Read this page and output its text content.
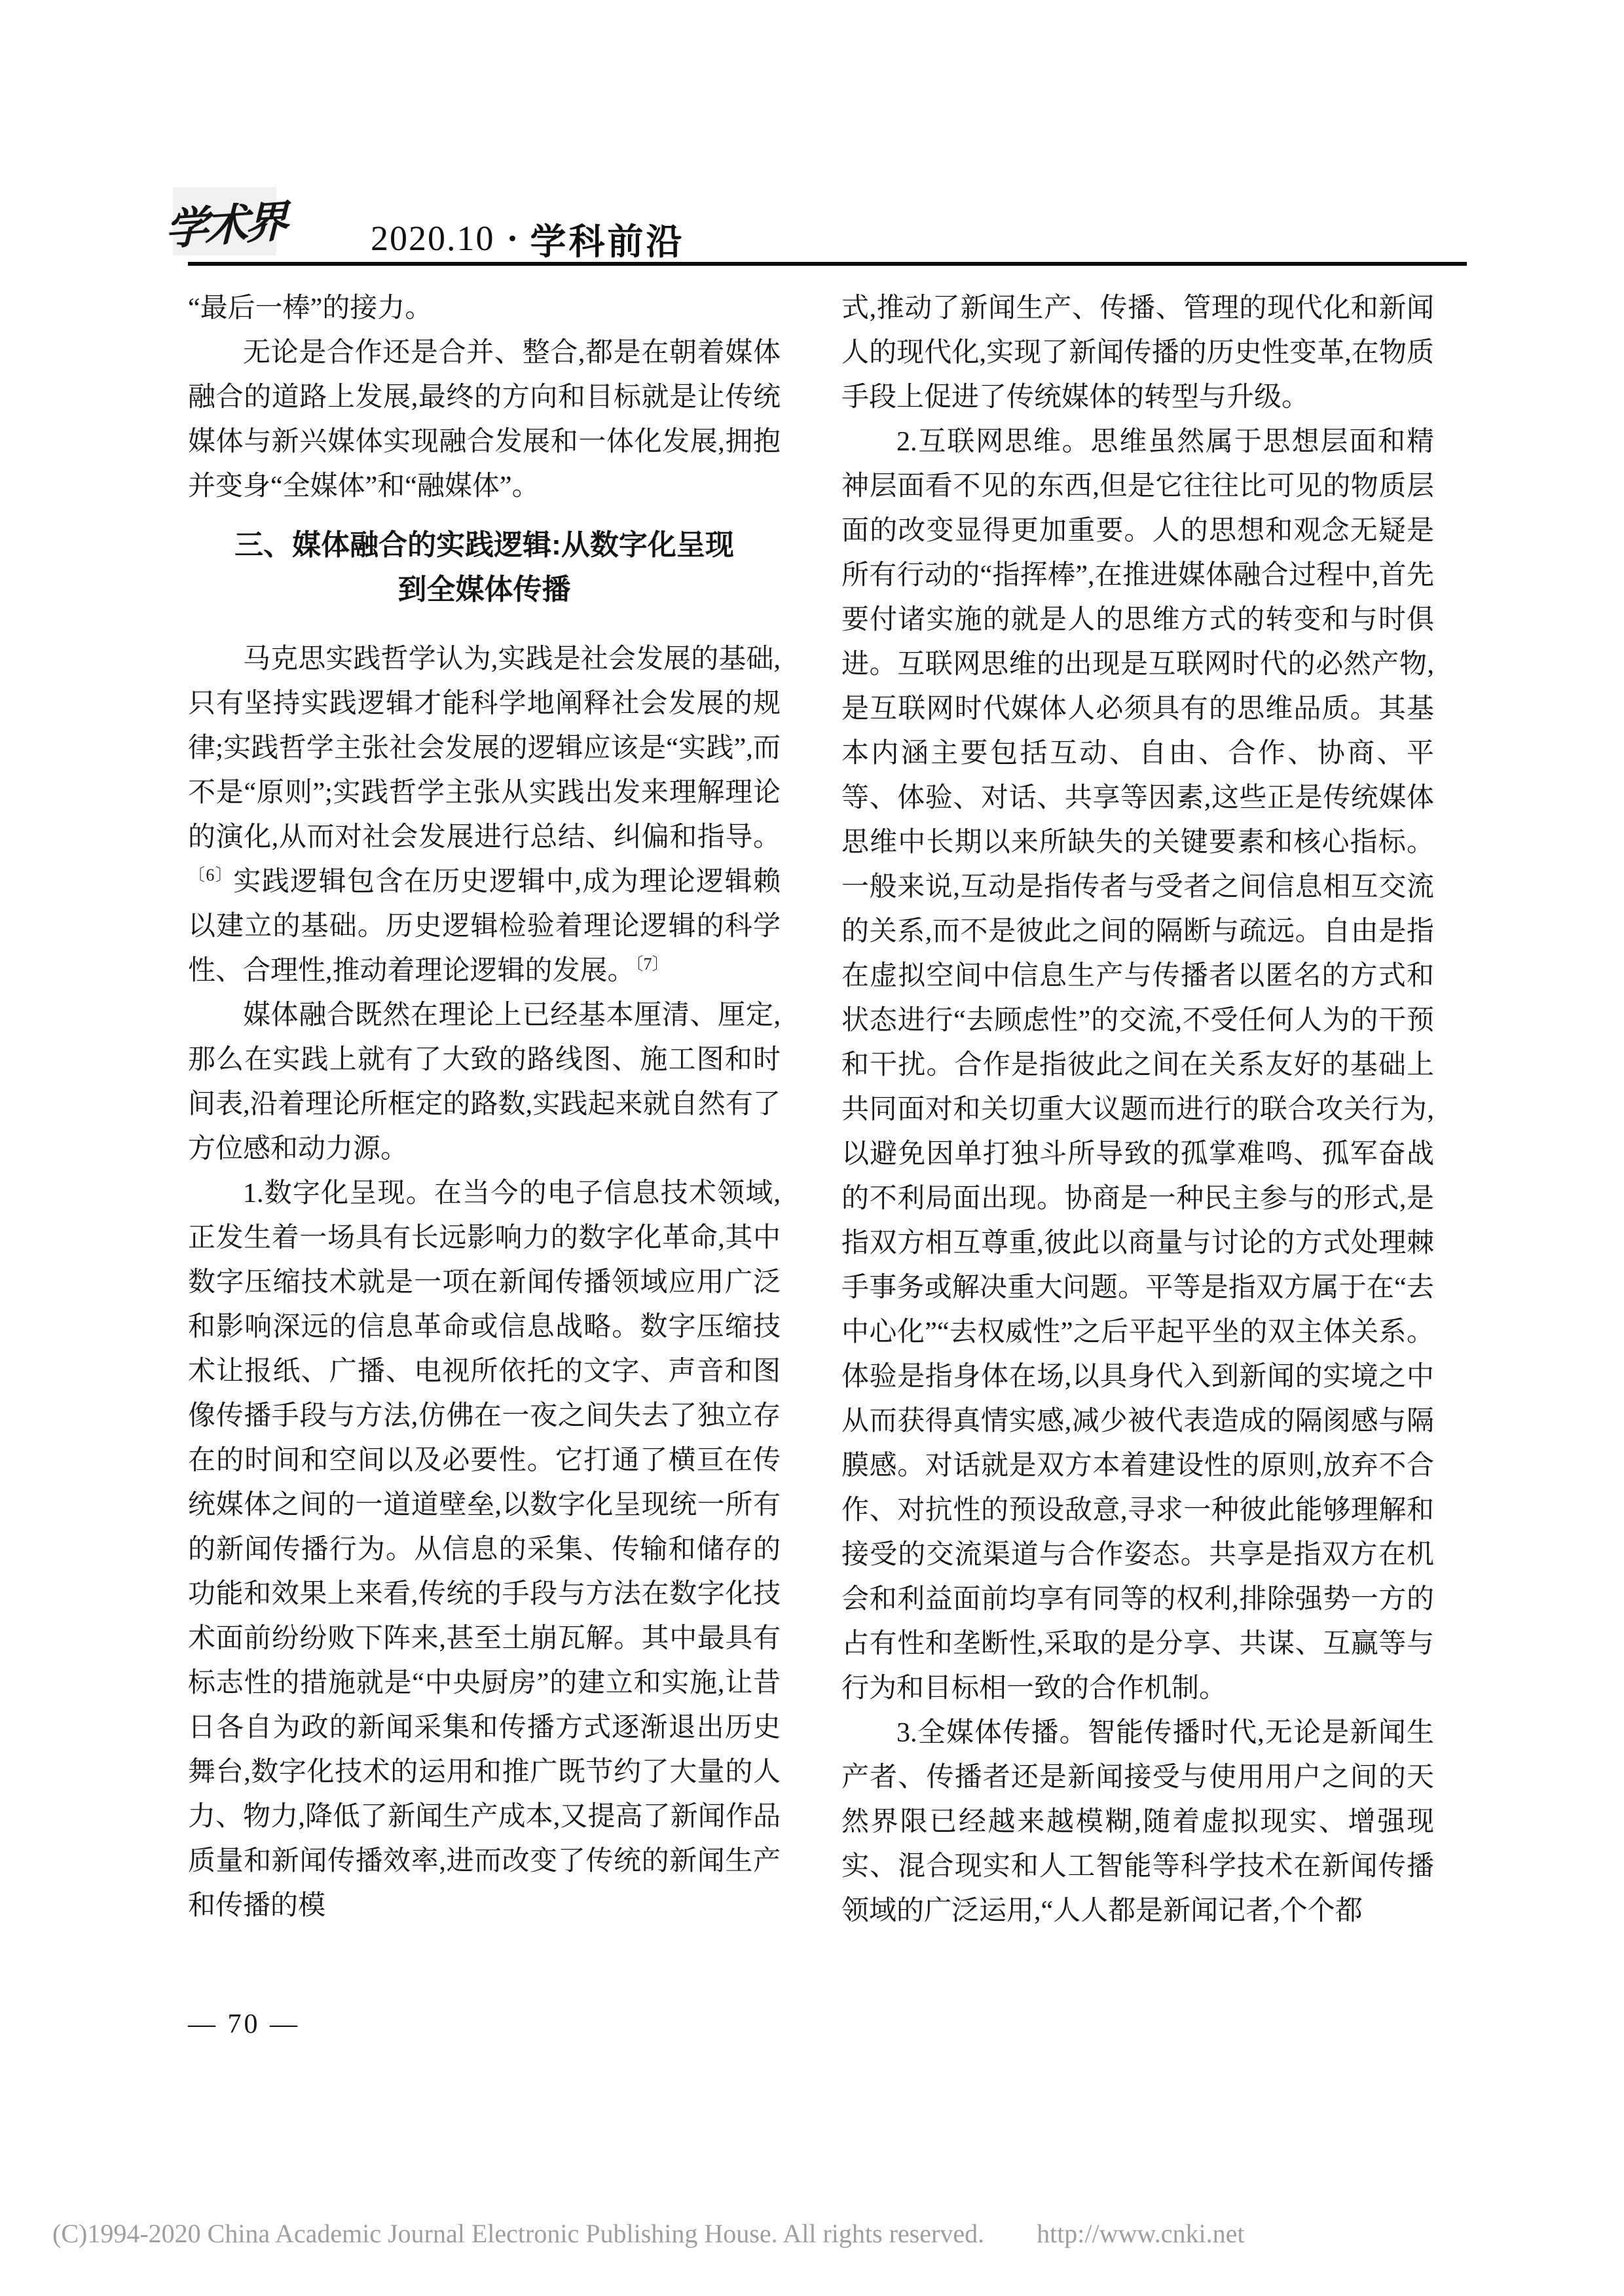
学术界 2020.10 · 学科前沿

“最后一棒”的接力。

无论是合作还是合并、整合,都是在朝着媒体融合的道路上发展,最终的方向和目标就是让传统媒体与新兴媒体实现融合发展和一体化发展,拥抱并变身“全媒体”和“融媒体”。

三、媒体融合的实践逻辑:从数字化呈现
到全媒体传播

马克思实践哲学认为,实践是社会发展的基础,只有坚持实践逻辑才能科学地阐释社会发展的规律;实践哲学主张社会发展的逻辑应该是“实践”,而不是“原则”;实践哲学主张从实践出发来理解理论的演化,从而对社会发展进行总结、纠偏和指导。$^{〔6〕}$实践逻辑包含在历史逻辑中,成为理论逻辑赖以建立的基础。历史逻辑检验着理论逻辑的科学性、合理性,推动着理论逻辑的发展。$^{〔7〕}$

媒体融合既然在理论上已经基本厘清、厘定,那么在实践上就有了大致的路线图、施工图和时间表,沿着理论所框定的路数,实践起来就自然有了方位感和动力源。

1.数字化呈现。在当今的电子信息技术领域,正发生着一场具有长远影响力的数字化革命,其中数字压缩技术就是一项在新闻传播领域应用广泛和影响深远的信息革命或信息战略。数字压缩技术让报纸、广播、电视所依托的文字、声音和图像传播手段与方法,仿佛在一夜之间失去了独立存在的时间和空间以及必要性。它打通了横亘在传统媒体之间的一道道壁垒,以数字化呈现统一所有的新闻传播行为。从信息的采集、传输和储存的功能和效果上来看,传统的手段与方法在数字化技术面前纷纷败下阵来,甚至土崩瓦解。其中最具有标志性的措施就是“中央厨房”的建立和实施,让昔日各自为政的新闻采集和传播方式逐渐退出历史舞台,数字化技术的运用和推广既节约了大量的人力、物力,降低了新闻生产成本,又提高了新闻作品质量和新闻传播效率,进而改变了传统的新闻生产和传播的模

式,推动了新闻生产、传播、管理的现代化和新闻人的现代化,实现了新闻传播的历史性变革,在物质手段上促进了传统媒体的转型与升级。

2.互联网思维。思维虽然属于思想层面和精神层面看不见的东西,但是它往往比可见的物质层面的改变显得更加重要。人的思想和观念无疑是所有行动的“指挥棒”,在推进媒体融合过程中,首先要付诸实施的就是人的思维方式的转变和与时俱进。互联网思维的出现是互联网时代的必然产物,是互联网时代媒体人必须具有的思维品质。其基本内涵主要包括互动、自由、合作、协商、平等、体验、对话、共享等因素,这些正是传统媒体思维中长期以来所缺失的关键要素和核心指标。一般来说,互动是指传者与受者之间信息相互交流的关系,而不是彼此之间的隔断与疏远。自由是指在虚拟空间中信息生产与传播者以匿名的方式和状态进行“去顾虑性”的交流,不受任何人为的干预和干扰。合作是指彼此之间在关系友好的基础上共同面对和关切重大议题而进行的联合攻关行为,以避免因单打独斗所导致的孤掌难鸣、孤军奋战的不利局面出现。协商是一种民主参与的形式,是指双方相互尊重,彼此以商量与讨论的方式处理棘手事务或解决重大问题。平等是指双方属于在“去中心化”“去权威性”之后平起平坐的双主体关系。体验是指身体在场,以具身代入到新闻的实境之中从而获得真情实感,减少被代表造成的隔阂感与隔膜感。对话就是双方本着建设性的原则,放弃不合作、对抗性的预设敌意,寻求一种彼此能够理解和接受的交流渠道与合作姿态。共享是指双方在机会和利益面前均享有同等的权利,排除强势一方的占有性和垄断性,采取的是分享、共谋、互赢等与行为和目标相一致的合作机制。

3.全媒体传播。智能传播时代,无论是新闻生产者、传播者还是新闻接受与使用用户之间的天然界限已经越来越模糊,随着虚拟现实、增强现实、混合现实和人工智能等科学技术在新闻传播领域的广泛运用,“人人都是新闻记者,个个都

— 70 —
(C)1994-2020 China Academic Journal Electronic Publishing House. All rights reserved. http://www.cnki.net
